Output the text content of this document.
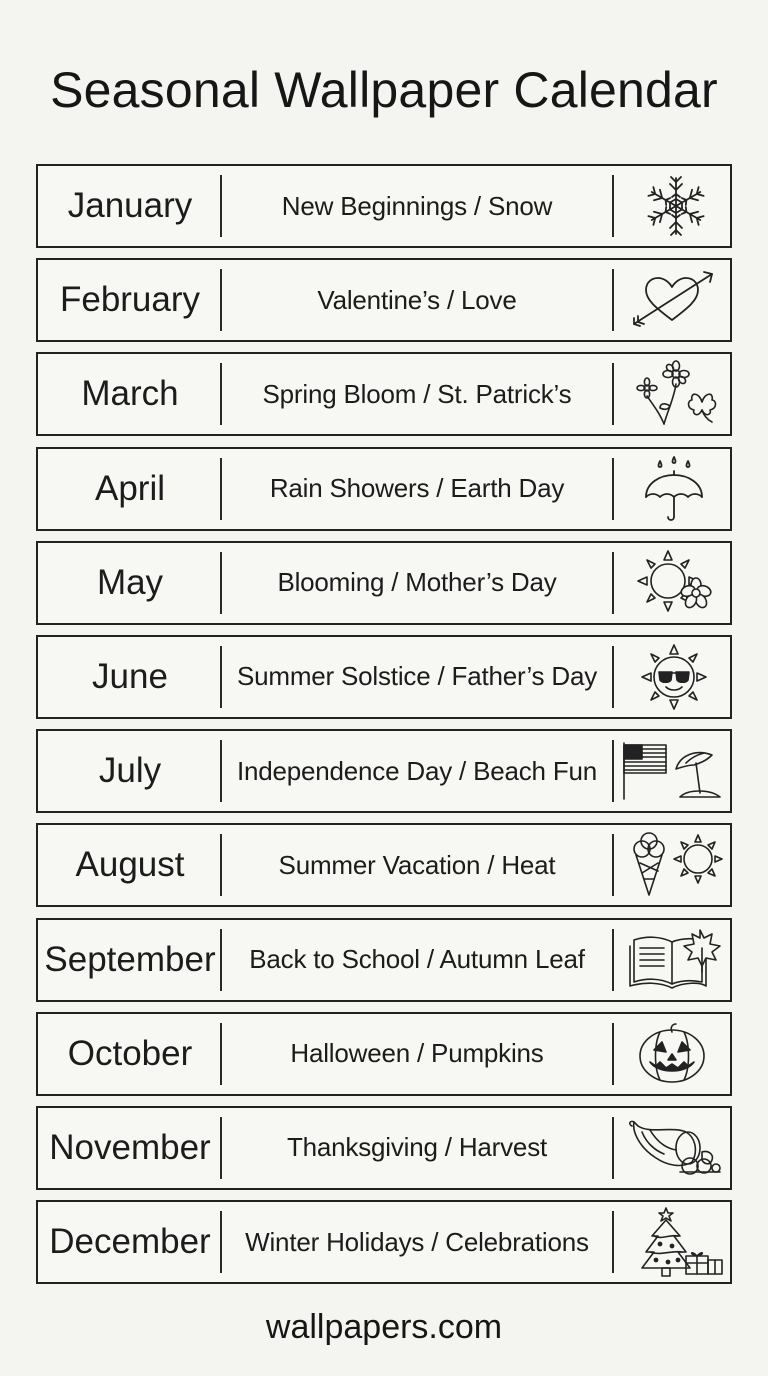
Seasonal Wallpaper Calendar
January	New Beginnings / Snow
February	Valentine’s / Love
March	Spring Bloom / St. Patrick’s
April	Rain Showers / Earth Day
May	Blooming / Mother’s Day
June	Summer Solstice / Father’s Day
July	Independence Day / Beach Fun
August	Summer Vacation / Heat
September	Back to School / Autumn Leaf
October	Halloween / Pumpkins
November	Thanksgiving / Harvest
December	Winter Holidays / Celebrations
wallpapers.com
